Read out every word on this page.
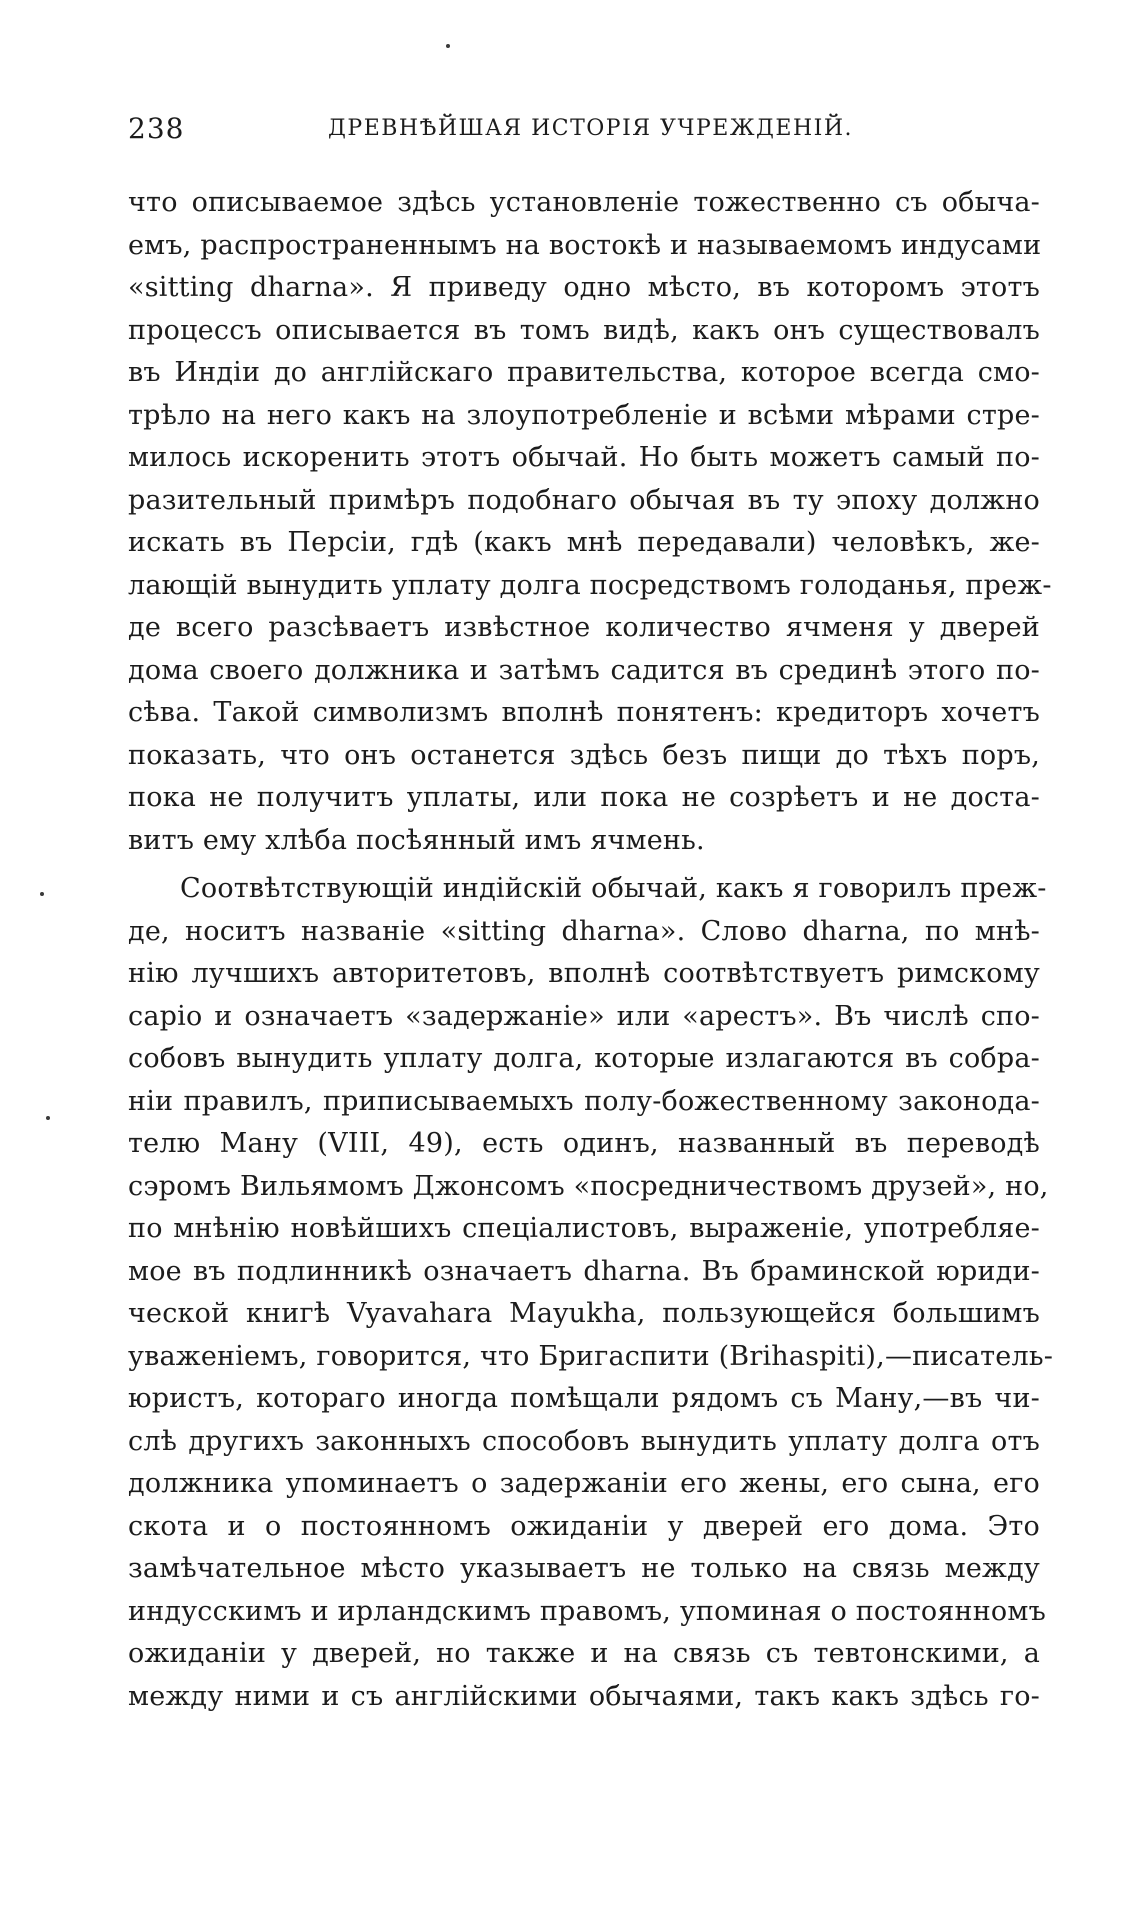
238	ДРЕВНѢЙШАЯ ИСТОРІЯ УЧРЕЖДЕНІЙ.
что описываемое здѣсь установленіе тожественно съ обыча-
емъ, распространеннымъ на востокѣ и называемомъ индусами
«sitting dharna». Я приведу одно мѣсто, въ которомъ этотъ
процессъ описывается въ томъ видѣ, какъ онъ существовалъ
въ Индіи до англійскаго правительства, которое всегда смо-
трѣло на него какъ на злоупотребленіе и всѣми мѣрами стре-
милось искоренить этотъ обычай. Но быть можетъ самый по-
разительный примѣръ подобнаго обычая въ ту эпоху должно
искать въ Персіи, гдѣ (какъ мнѣ передавали) человѣкъ, же-
лающій вынудить уплату долга посредствомъ голоданья, преж-
де всего разсѣваетъ извѣстное количество ячменя у дверей
дома своего должника и затѣмъ садится въ срединѣ этого по-
сѣва. Такой символизмъ вполнѣ понятенъ: кредиторъ хочетъ
показать, что онъ останется здѣсь безъ пищи до тѣхъ поръ,
пока не получитъ уплаты, или пока не созрѣетъ и не доста-
витъ ему хлѣба посѣянный имъ ячмень.
Соотвѣтствующій индійскій обычай, какъ я говорилъ преж-
де, носитъ названіе «sitting dharna». Слово dharna, по мнѣ-
нію лучшихъ авторитетовъ, вполнѣ соотвѣтствуетъ римскому
capio и означаетъ «задержаніе» или «арестъ». Въ числѣ спо-
собовъ вынудить уплату долга, которые излагаются въ собра-
ніи правилъ, приписываемыхъ полу-божественному законода-
телю Ману (VIII, 49), есть одинъ, названный въ переводѣ
сэромъ Вильямомъ Джонсомъ «посредничествомъ друзей», но,
по мнѣнію новѣйшихъ спеціалистовъ, выраженіе, употребляе-
мое въ подлинникѣ означаетъ dharna. Въ браминской юриди-
ческой книгѣ Vyavahara Mayukha, пользующейся большимъ
уваженіемъ, говорится, что Бригаспити (Brihaspiti),—писатель-
юристъ, котораго иногда помѣщали рядомъ съ Ману,—въ чи-
слѣ другихъ законныхъ способовъ вынудить уплату долга отъ
должника упоминаетъ о задержаніи его жены, его сына, его
скота и о постоянномъ ожиданіи у дверей его дома. Это
замѣчательное мѣсто указываетъ не только на связь между
индусскимъ и ирландскимъ правомъ, упоминая о постоянномъ
ожиданіи у дверей, но также и на связь съ тевтонскими, а
между ними и съ англійскими обычаями, такъ какъ здѣсь го-
